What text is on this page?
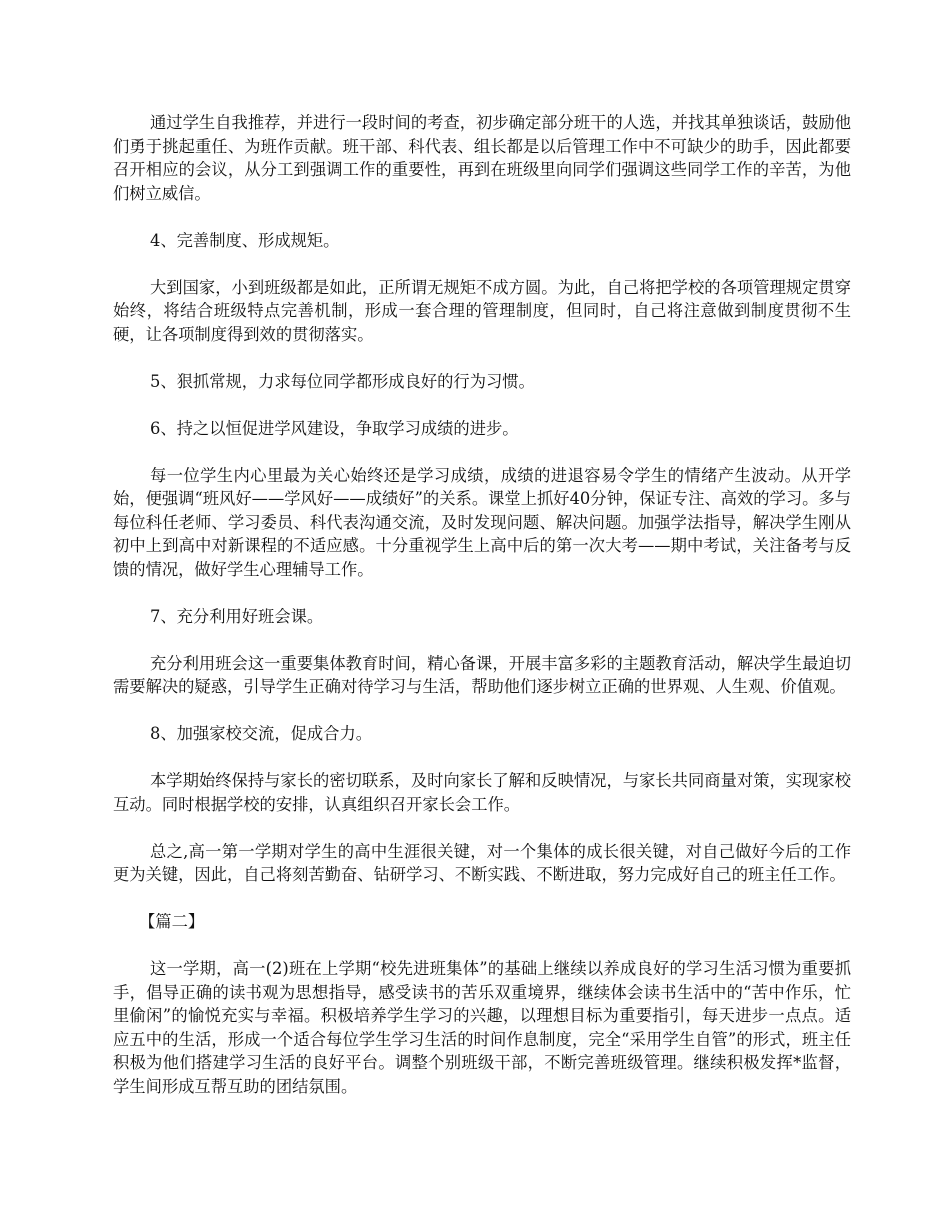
通过学生自我推荐，并进行一段时间的考查，初步确定部分班干的人选，并找其单独谈话，鼓励他们勇于挑起重任、为班作贡献。班干部、科代表、组长都是以后管理工作中不可缺少的助手，因此都要召开相应的会议，从分工到强调工作的重要性，再到在班级里向同学们强调这些同学工作的辛苦，为他们树立威信。

4、完善制度、形成规矩。

大到国家，小到班级都是如此，正所谓无规矩不成方圆。为此，自己将把学校的各项管理规定贯穿始终，将结合班级特点完善机制，形成一套合理的管理制度，但同时，自己将注意做到制度贯彻不生硬，让各项制度得到效的贯彻落实。

5、狠抓常规，力求每位同学都形成良好的行为习惯。

6、持之以恒促进学风建设，争取学习成绩的进步。

每一位学生内心里最为关心始终还是学习成绩，成绩的进退容易令学生的情绪产生波动。从开学始，便强调“班风好——学风好——成绩好”的关系。课堂上抓好40分钟，保证专注、高效的学习。多与每位科任老师、学习委员、科代表沟通交流，及时发现问题、解决问题。加强学法指导，解决学生刚从初中上到高中对新课程的不适应感。十分重视学生上高中后的第一次大考——期中考试，关注备考与反馈的情况，做好学生心理辅导工作。

7、充分利用好班会课。

充分利用班会这一重要集体教育时间，精心备课，开展丰富多彩的主题教育活动，解决学生最迫切需要解决的疑惑，引导学生正确对待学习与生活，帮助他们逐步树立正确的世界观、人生观、价值观。

8、加强家校交流，促成合力。

本学期始终保持与家长的密切联系，及时向家长了解和反映情况，与家长共同商量对策，实现家校互动。同时根据学校的安排，认真组织召开家长会工作。

总之,高一第一学期对学生的高中生涯很关键，对一个集体的成长很关键，对自己做好今后的工作更为关键，因此，自己将刻苦勤奋、钻研学习、不断实践、不断进取，努力完成好自己的班主任工作。

【篇二】

这一学期，高一(2)班在上学期“校先进班集体”的基础上继续以养成良好的学习生活习惯为重要抓手，倡导正确的读书观为思想指导，感受读书的苦乐双重境界，继续体会读书生活中的“苦中作乐，忙里偷闲”的愉悦充实与幸福。积极培养学生学习的兴趣，以理想目标为重要指引，每天进步一点点。适应五中的生活，形成一个适合每位学生学习生活的时间作息制度，完全“采用学生自管”的形式，班主任积极为他们搭建学习生活的良好平台。调整个别班级干部，不断完善班级管理。继续积极发挥*监督，学生间形成互帮互助的团结氛围。
